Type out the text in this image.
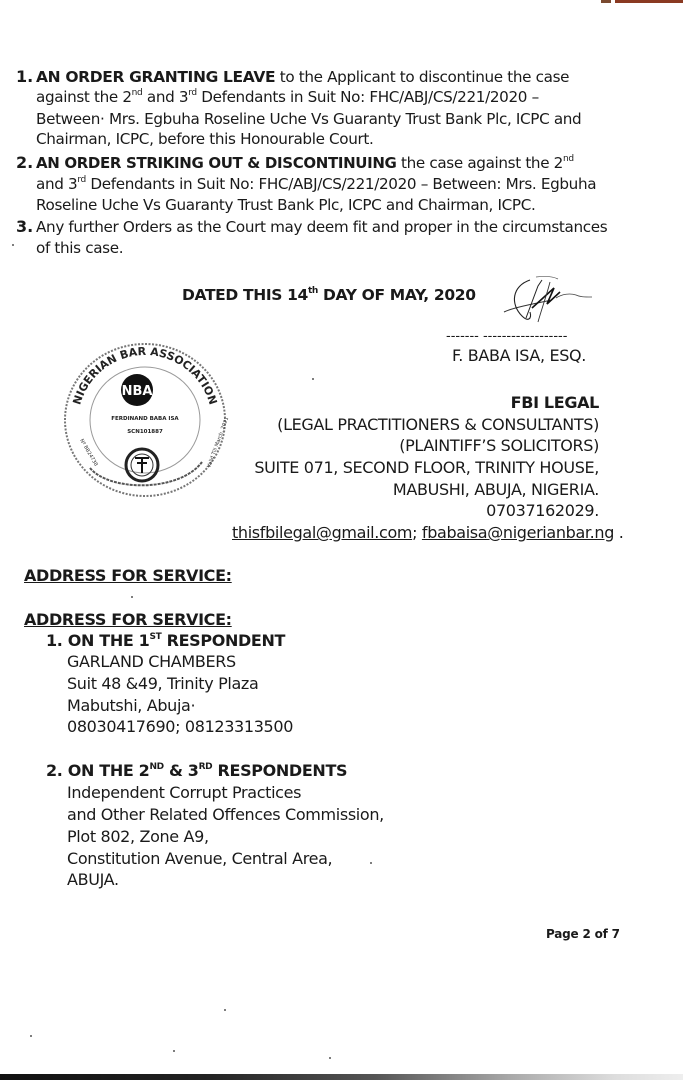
1. AN ORDER GRANTING LEAVE to the Applicant to discontinue the case
against the 2nd and 3rd Defendants in Suit No: FHC/ABJ/CS/221/2020 –
Between· Mrs. Egbuha Roseline Uche Vs Guaranty Trust Bank Plc, ICPC and
Chairman, ICPC, before this Honourable Court.
2. AN ORDER STRIKING OUT & DISCONTINUING the case against the 2nd
and 3rd Defendants in Suit No: FHC/ABJ/CS/221/2020 – Between: Mrs. Egbuha
Roseline Uche Vs Guaranty Trust Bank Plc, ICPC and Chairman, ICPC.
3. Any further Orders as the Court may deem fit and proper in the circumstances
of this case.
DATED THIS 14th DAY OF MAY, 2020
------- ------------------
F. BABA ISA, ESQ.
NIGERIAN BAR ASSOCIATION
NBA
FERDINAND BABA ISA
SCN101887
Nº BB24738	Valid Till March, 2021
FBI LEGAL
(LEGAL PRACTITIONERS & CONSULTANTS)
(PLAINTIFF’S SOLICITORS)
SUITE 071, SECOND FLOOR, TRINITY HOUSE,
MABUSHI, ABUJA, NIGERIA.
07037162029.
thisfbilegal@gmail.com; fbabaisa@nigerianbar.ng .
ADDRESS FOR SERVICE:
ADDRESS FOR SERVICE:
1. ON THE 1ST RESPONDENT
GARLAND CHAMBERS
Suit 48 &49, Trinity Plaza
Mabutshi, Abuja·
08030417690; 08123313500
2. ON THE 2ND & 3RD RESPONDENTS
Independent Corrupt Practices
and Other Related Offences Commission,
Plot 802, Zone A9,
Constitution Avenue, Central Area,
ABUJA.
Page 2 of 7
